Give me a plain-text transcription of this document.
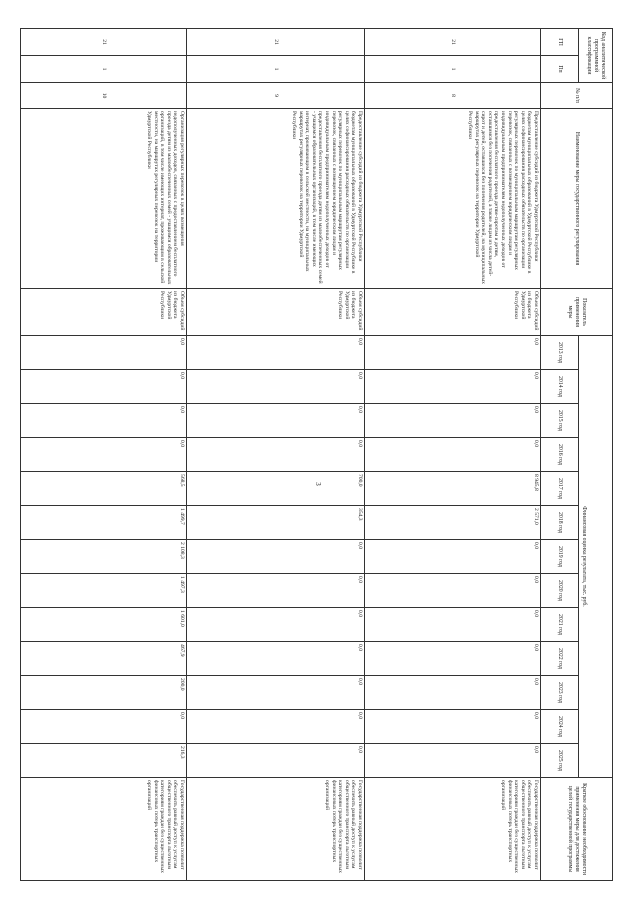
3
Код аналитической программной классификации		№ п/п	Наименование меры государственного регулирования	Показатель применения меры	Финансовая оценка результата, тыс. руб.													Краткое обоснование необходимости применения меры для достижения целей государственной программы
ГП	Пп				2013 год	2014 год	2015 год	2016 год	2017 год	2018 год	2019 год	2020 год	2021 год	2022 год	2023 год	2024 год	2025 год	
21	1	8	Предоставление субсидий из бюджета Удмуртской Республики бюджетам муниципальных образований в Удмуртской Республике в целях софинансирования расходных обязательств по организации регулярных перевозок по муниципальным маршрутам регулярных перевозок, связанных с возмещением юридическим лицам и индивидуальным предпринимателям недополученных доходов от предоставления бесплатного проезда детям-сиротам и детям, оставшимся без попечения родителей, а также лицам из числа детей-сирот и детей, оставшихся без попечения родителей, на муниципальных маршрутах регулярных перевозок на территории Удмуртской Республики	Объем субсидий из бюджета Удмуртской Республики	0,0	0,0	0,0	0,0	8 945,8	2 571,0	0,0	0,0	0,0	0,0	0,0	0,0	0,0	Государственная поддержка позволит обеспечить равный доступ к услугам общественного транспорта льготным категориям граждан без существенных финансовых потерь транспортных организаций
21	1	9	Предоставление субсидий из бюджета Удмуртской Республики бюджетам муниципальных образований в Удмуртской Республике в целях софинансирования расходных обязательств по организации регулярных перевозок по муниципальным маршрутам регулярных перевозок, связанных с возмещением юридическим лицам и индивидуальным предпринимателям недополученных доходов от предоставления бесплатного проезда детям из малообеспеченных семей - учащимся образовательных организаций, в том числе имеющих интернат, проживающим в сельской местности, на муниципальных маршрутах регулярных перевозок на территории Удмуртской Республики	Объем субсидий из бюджета Удмуртской Республики	0,0	0,0	0,0	0,0	700,0	354,3	0,0	0,0	0,0	0,0	0,0	0,0	0,0	Государственная поддержка позволит обеспечить равный доступ к услугам общественного транспорта льготным категориям граждан без существенных финансовых потерь транспортных организаций
21	1	10	Организация регулярных перевозок в целях возмещения недополученных доходов, связанных с предоставлением бесплатного проезда детям из малообеспеченных семей - учащимся образовательных организаций, в том числе имеющих интернат, проживающим в сельской местности, на маршрутах регулярных перевозок на территории Удмуртской Республики	Объем субсидий из бюджета Удмуртской Республики	0,0	0,0	0,0	0,0	568,5	1 499,7	2 108,3	1 497,3	1 601,0	467,9	200,0	0,0	216,3	Государственная поддержка позволит обеспечить равный доступ к услугам общественного транспорта льготным категориям граждан без существенных финансовых потерь транспортных организаций
